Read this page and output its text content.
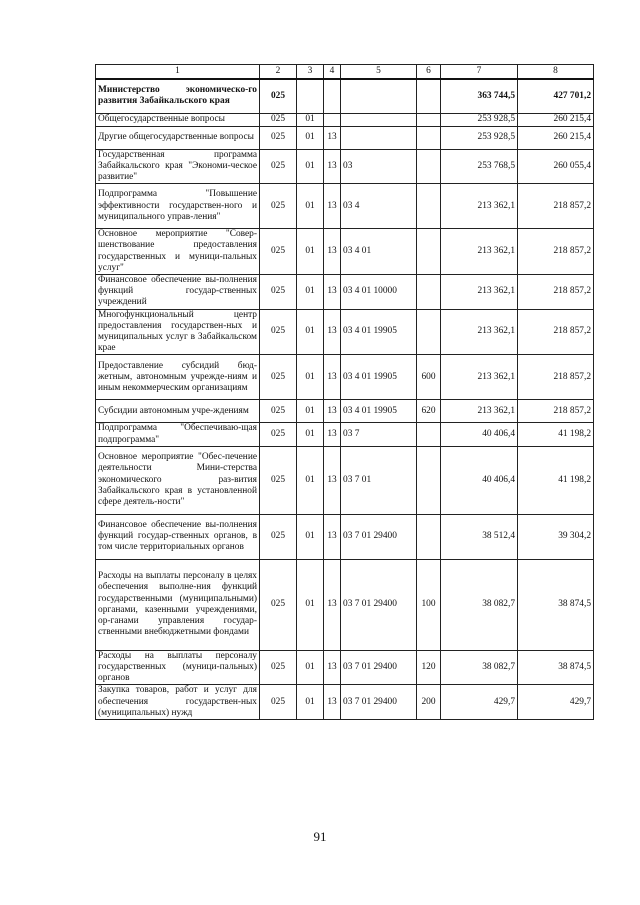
1	2	3	4	5	6	7	8
Министерство экономическо-го развития Забайкальского края	025					363 744,5	427 701,2
Общегосударственные вопросы	025	01				253 928,5	260 215,4
Другие общегосударственные вопросы	025	01	13			253 928,5	260 215,4
Государственная программа Забайкальского края "Экономи-ческое развитие"	025	01	13	03		253 768,5	260 055,4
Подпрограмма "Повышение эффективности государствен-ного и муниципального управ-ления"	025	01	13	03 4		213 362,1	218 857,2
Основное мероприятие "Совер-шенствование предоставления государственных и муници-пальных услуг"	025	01	13	03 4 01		213 362,1	218 857,2
Финансовое обеспечение вы-полнения функций государ-ственных учреждений	025	01	13	03 4 01 10000		213 362,1	218 857,2
Многофункциональный центр предоставления государствен-ных и муниципальных услуг в Забайкальском крае	025	01	13	03 4 01 19905		213 362,1	218 857,2
Предоставление субсидий бюд-жетным, автономным учрежде-ниям и иным некоммерческим организациям	025	01	13	03 4 01 19905	600	213 362,1	218 857,2
Субсидии автономным учре-ждениям	025	01	13	03 4 01 19905	620	213 362,1	218 857,2
Подпрограмма "Обеспечиваю-щая подпрограмма"	025	01	13	03 7		40 406,4	41 198,2
Основное мероприятие "Обес-печение деятельности Мини-стерства экономического раз-вития Забайкальского края в установленной сфере деятель-ности"	025	01	13	03 7 01		40 406,4	41 198,2
Финансовое обеспечение вы-полнения функций государ-ственных органов, в том числе территориальных органов	025	01	13	03 7 01 29400		38 512,4	39 304,2
Расходы на выплаты персоналу в целях обеспечения выполне-ния функций государственными (муниципальными) органами, казенными учреждениями, ор-ганами управления государ-ственными внебюджетными фондами	025	01	13	03 7 01 29400	100	38 082,7	38 874,5
Расходы на выплаты персоналу государственных (муници-пальных) органов	025	01	13	03 7 01 29400	120	38 082,7	38 874,5
Закупка товаров, работ и услуг для обеспечения государствен-ных (муниципальных) нужд	025	01	13	03 7 01 29400	200	429,7	429,7
91
